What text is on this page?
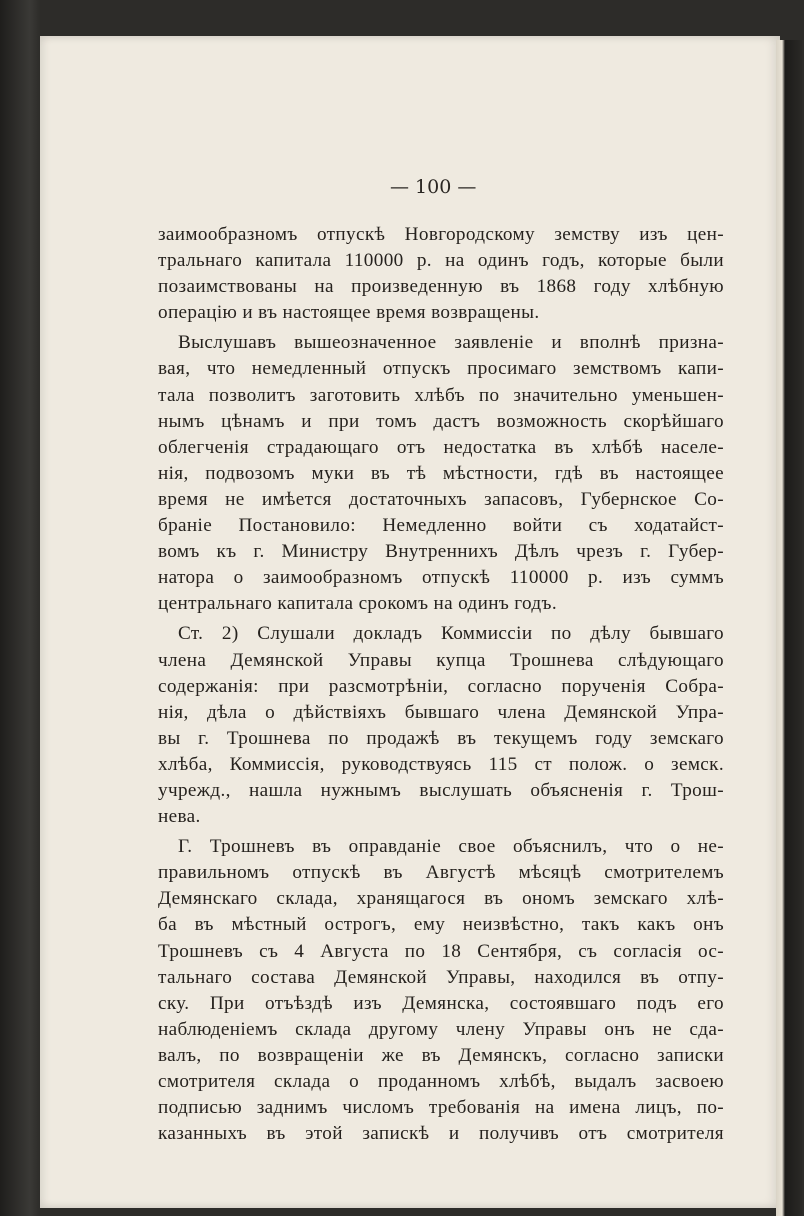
— 100 —
заимообразномъ отпускѣ Новгородскому земству изъ цен-
тральнаго капитала 110000 р. на одинъ годъ, которые были
позаимствованы на произведенную въ 1868 году хлѣбную
операцію и въ настоящее время возвращены.
Выслушавъ вышеозначенное заявленіе и вполнѣ призна-
вая, что немедленный отпускъ просимаго земствомъ капи-
тала позволитъ заготовить хлѣбъ по значительно уменьшен-
нымъ цѣнамъ и при томъ дастъ возможность скорѣйшаго
облегченія страдающаго отъ недостатка въ хлѣбѣ населе-
нія, подвозомъ муки въ тѣ мѣстности, гдѣ въ настоящее
время не имѣется достаточныхъ запасовъ, Губернское Со-
браніе Постановило: Немедленно войти съ ходатайст-
вомъ къ г. Министру Внутреннихъ Дѣлъ чрезъ г. Губер-
натора о заимообразномъ отпускѣ 110000 р. изъ суммъ
центральнаго капитала срокомъ на одинъ годъ.
Ст. 2) Слушали докладъ Коммиссіи по дѣлу бывшаго
члена Демянской Управы купца Трошнева слѣдующаго
содержанія: при разсмотрѣніи, согласно порученія Собра-
нія, дѣла о дѣйствіяхъ бывшаго члена Демянской Упра-
вы г. Трошнева по продажѣ въ текущемъ году земскаго
хлѣба, Коммиссія, руководствуясь 115 ст полож. о земск.
учрежд., нашла нужнымъ выслушать объясненія г. Трош-
нева.
Г. Трошневъ въ оправданіе свое объяснилъ, что о не-
правильномъ отпускѣ въ Августѣ мѣсяцѣ смотрителемъ
Демянскаго склада, хранящагося въ ономъ земскаго хлѣ-
ба въ мѣстный острогъ, ему неизвѣстно, такъ какъ онъ
Трошневъ съ 4 Августа по 18 Сентября, съ согласія ос-
тальнаго состава Демянской Управы, находился въ отпу-
ску. При отъѣздѣ изъ Демянска, состоявшаго подъ его
наблюденіемъ склада другому члену Управы онъ не сда-
валъ, по возвращеніи же въ Демянскъ, согласно записки
смотрителя склада о проданномъ хлѣбѣ, выдалъ засвоею
подписью заднимъ числомъ требованія на имена лицъ, по-
казанныхъ въ этой запискѣ и получивъ отъ смотрителя
